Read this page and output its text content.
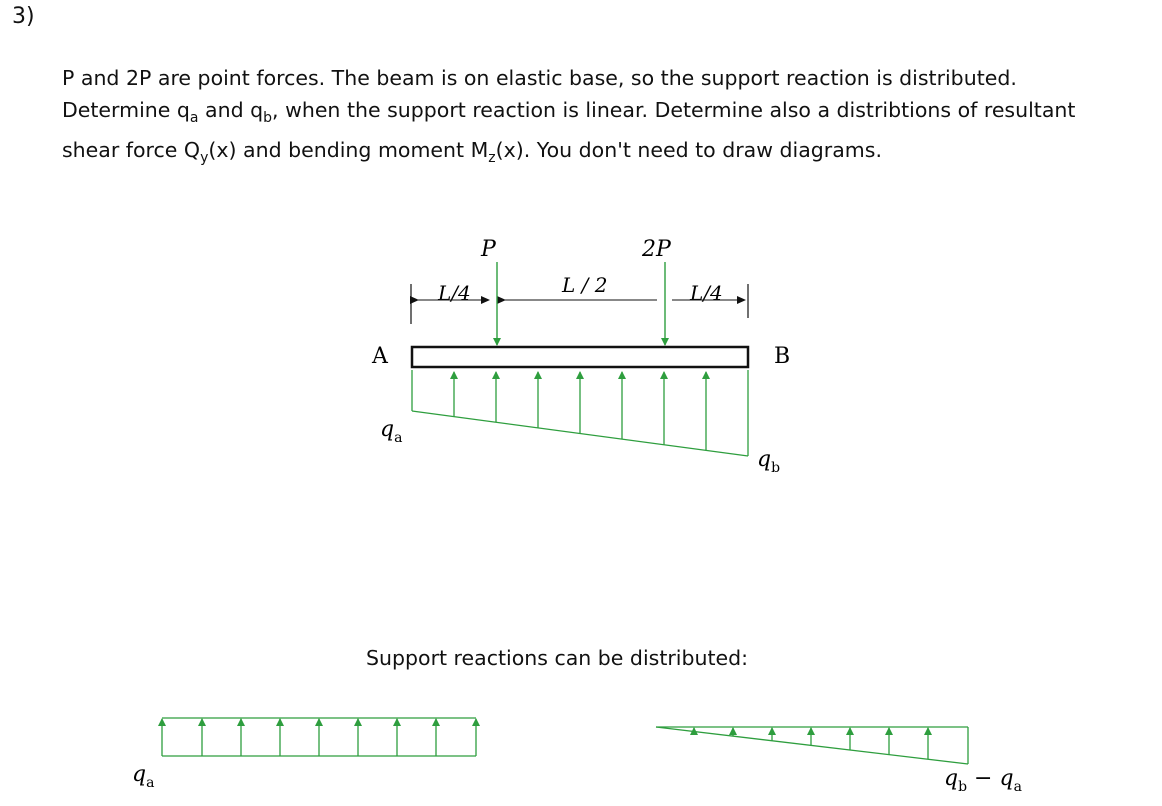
3)

P and 2P are point forces. The beam is on elastic base, so the support reaction is distributed.

Determine $q_a$ and $q_b$, when the support reaction is linear. Determine also a distribtions of resultant

shear force $Q_y(x)$ and bending moment $M_z(x)$. You don't need to draw diagrams.

P	2P
L/4	L / 2	L/4
A	B
$q_a$
$q_b$
$q_a$	$q_b - q_a$
Support reactions can be distributed:
